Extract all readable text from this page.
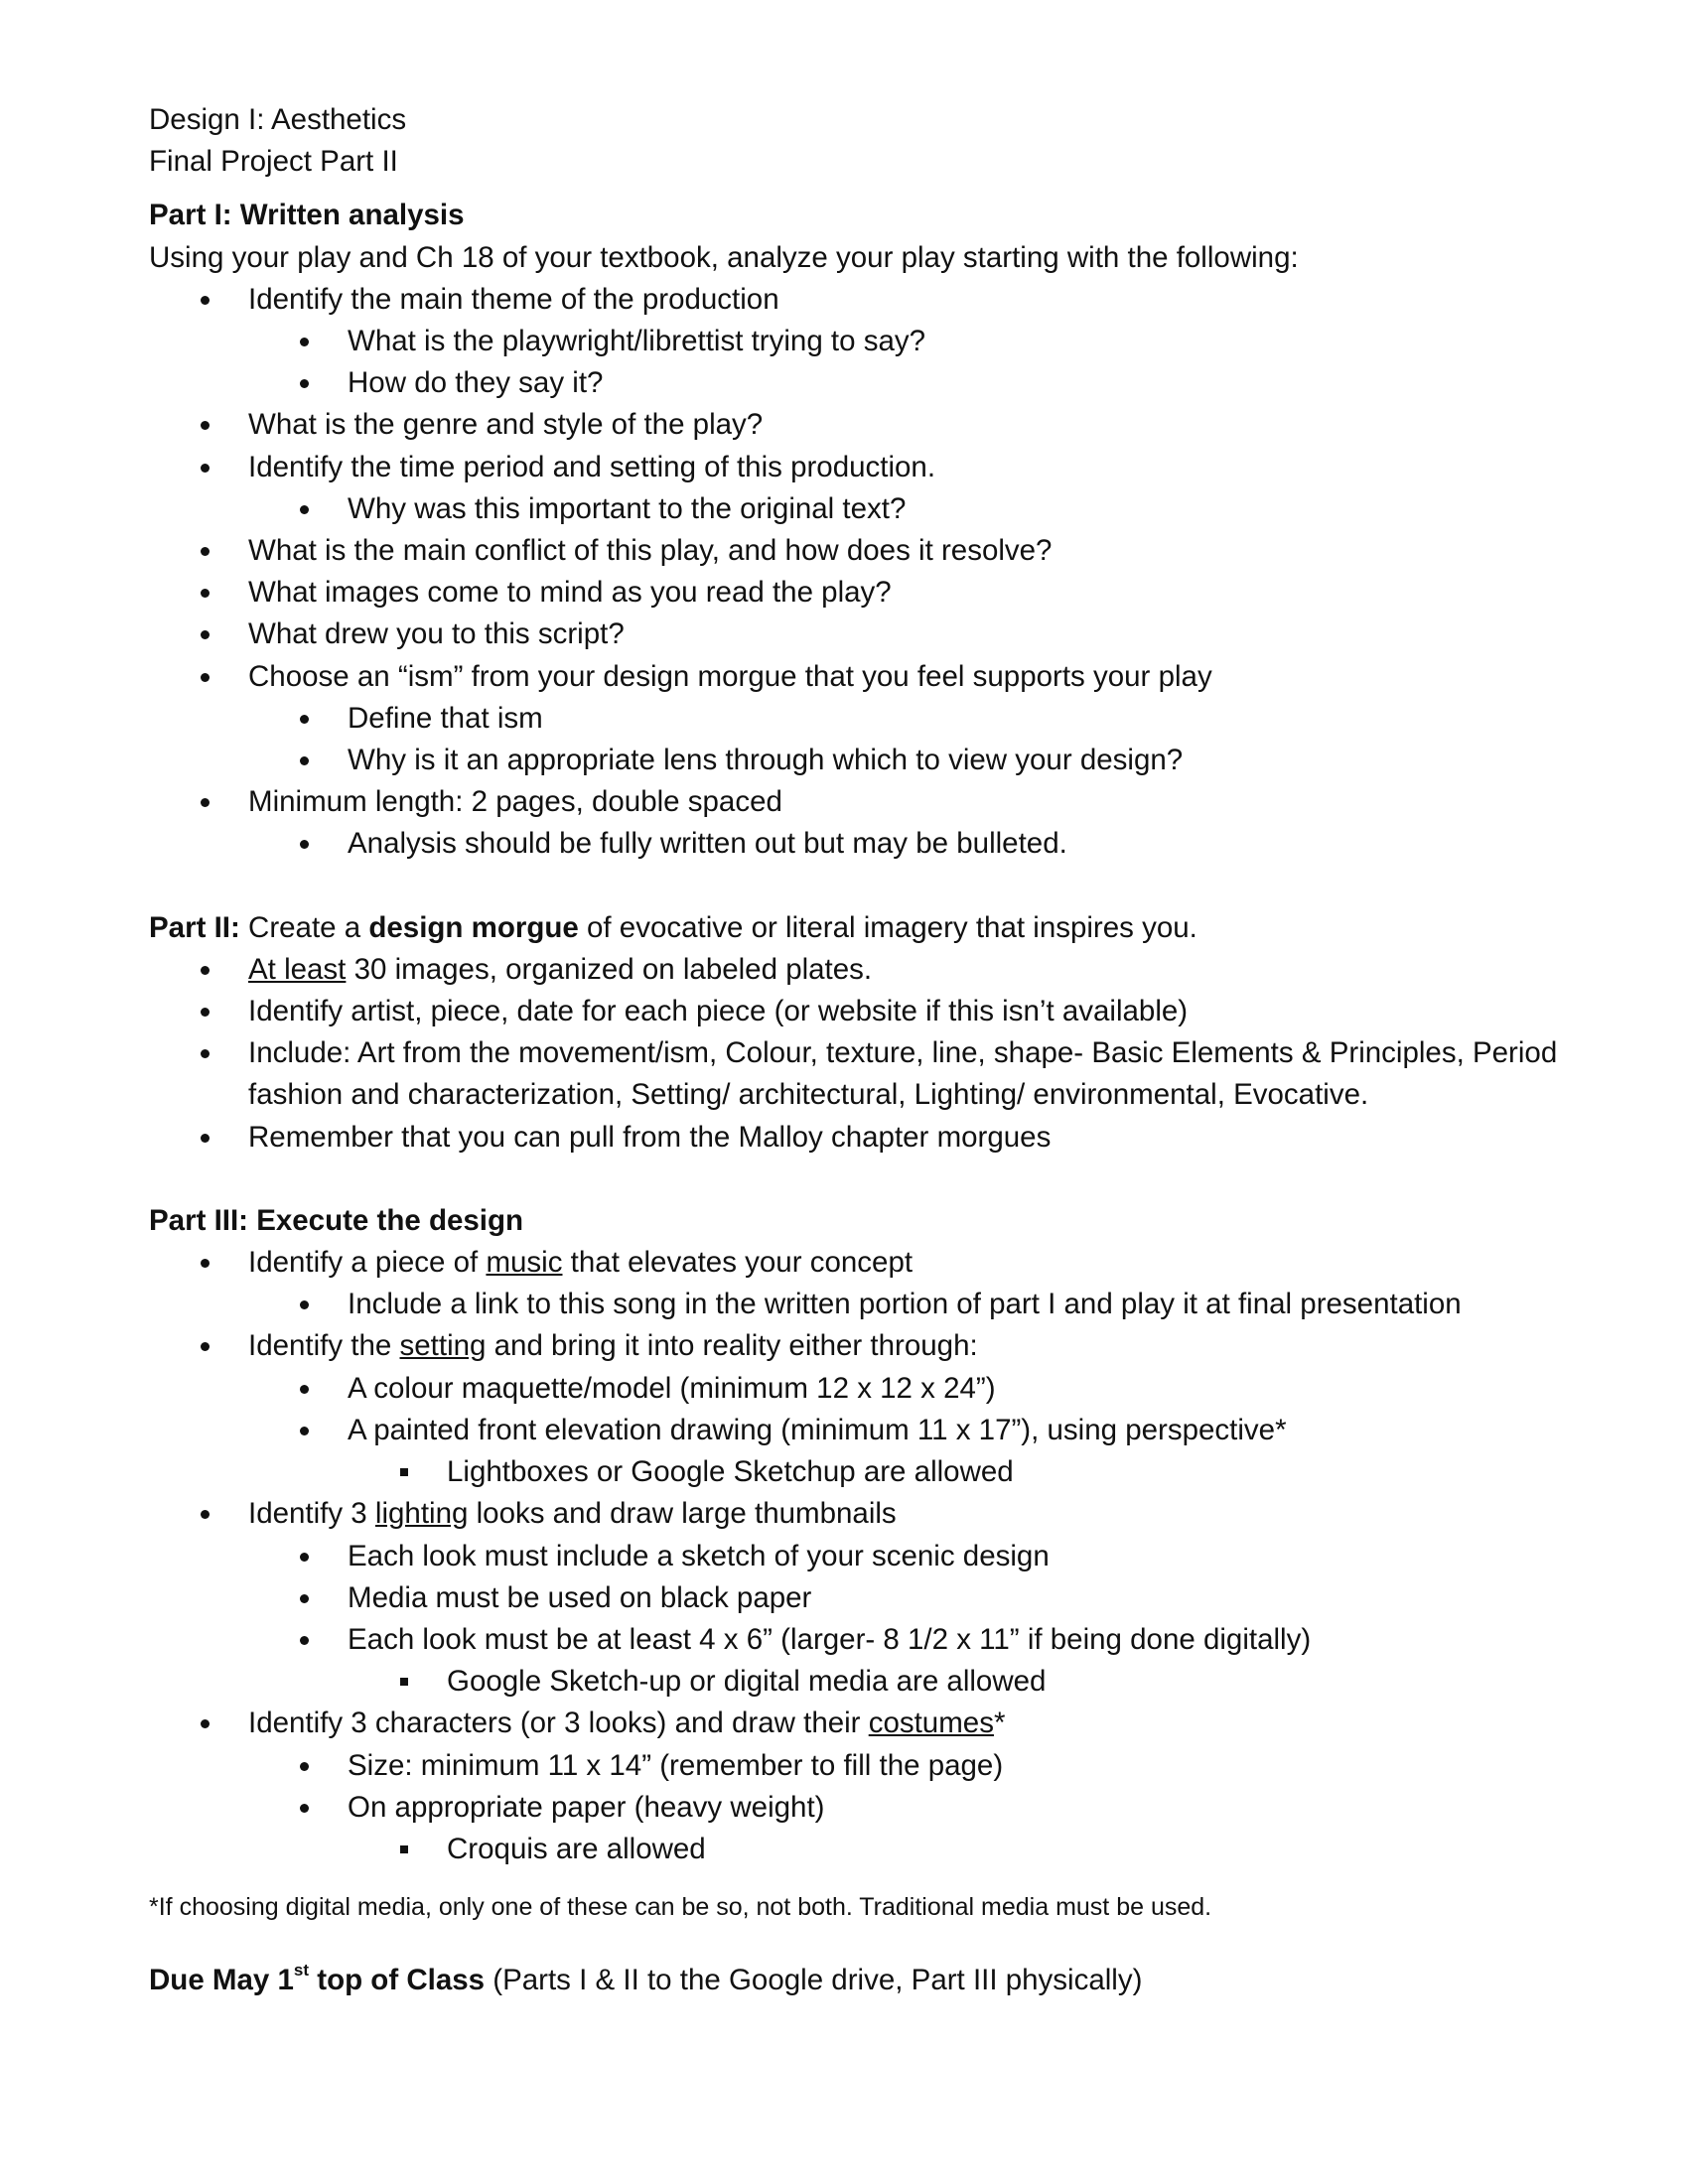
Design I: Aesthetics
Final Project Part II
Part I: Written analysis
Using your play and Ch 18 of your textbook, analyze your play starting with the following:
Identify the main theme of the production
What is the playwright/librettist trying to say?
How do they say it?
What is the genre and style of the play?
Identify the time period and setting of this production.
Why was this important to the original text?
What is the main conflict of this play, and how does it resolve?
What images come to mind as you read the play?
What drew you to this script?
Choose an “ism” from your design morgue that you feel supports your play
Define that ism
Why is it an appropriate lens through which to view your design?
Minimum length: 2 pages, double spaced
Analysis should be fully written out but may be bulleted.
Part II: Create a design morgue of evocative or literal imagery that inspires you.
At least 30 images, organized on labeled plates.
Identify artist, piece, date for each piece (or website if this isn’t available)
Include: Art from the movement/ism, Colour, texture, line, shape- Basic Elements & Principles, Period fashion and characterization, Setting/ architectural, Lighting/ environmental, Evocative.
Remember that you can pull from the Malloy chapter morgues
Part III: Execute the design
Identify a piece of music that elevates your concept
Include a link to this song in the written portion of part I and play it at final presentation
Identify the setting and bring it into reality either through:
A colour maquette/model (minimum 12 x 12 x 24”)
A painted front elevation drawing (minimum 11 x 17”), using perspective*
Lightboxes or Google Sketchup are allowed
Identify 3 lighting looks and draw large thumbnails
Each look must include a sketch of your scenic design
Media must be used on black paper
Each look must be at least 4 x 6” (larger- 8 1/2 x 11” if being done digitally)
Google Sketch-up or digital media are allowed
Identify 3 characters (or 3 looks) and draw their costumes*
Size: minimum 11 x 14” (remember to fill the page)
On appropriate paper (heavy weight)
Croquis are allowed
*If choosing digital media, only one of these can be so, not both. Traditional media must be used.
Due May 1st top of Class (Parts I & II to the Google drive, Part III physically)
